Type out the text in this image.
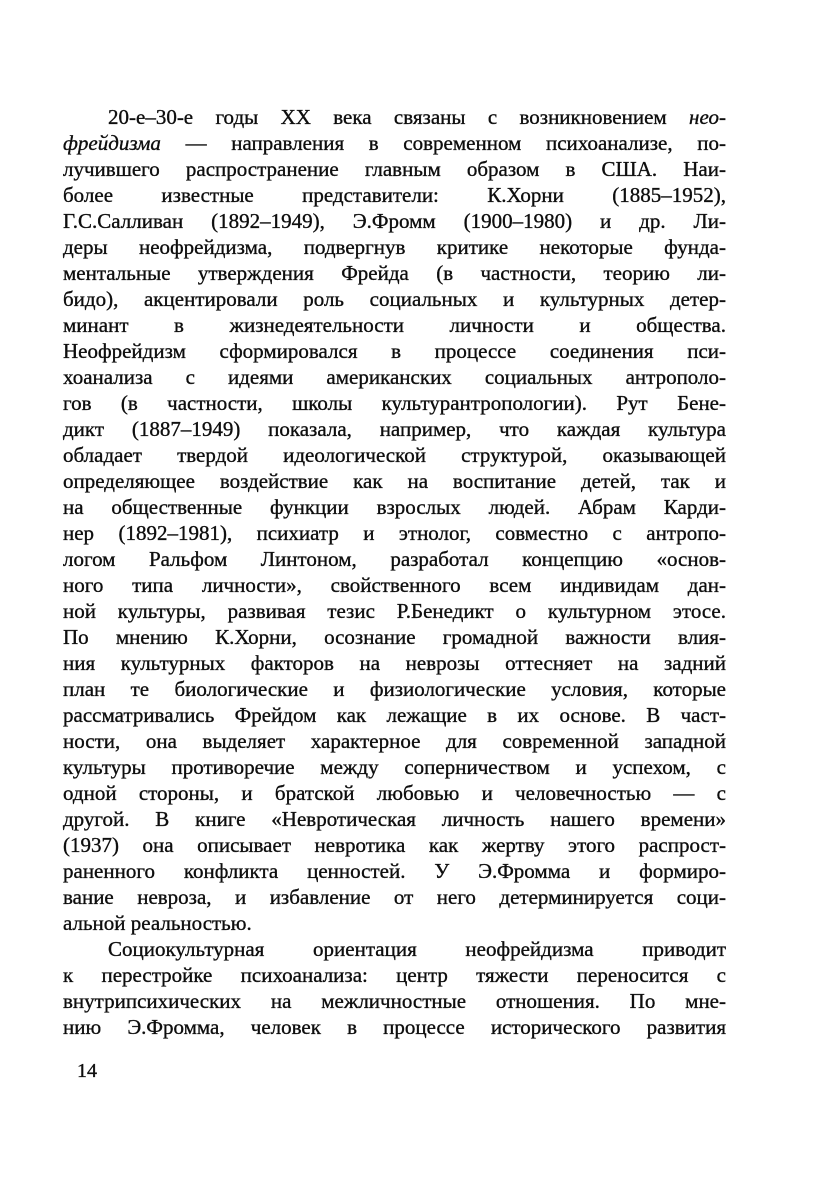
20-е–30-е годы XX века связаны с возникновением нео-
фрейдизма — направления в современном психоанализе, по-
лучившего распространение главным образом в США. Наи-
более известные представители: К.Хорни (1885–1952),
Г.С.Салливан (1892–1949), Э.Фромм (1900–1980) и др. Ли-
деры неофрейдизма, подвергнув критике некоторые фунда-
ментальные утверждения Фрейда (в частности, теорию ли-
бидо), акцентировали роль социальных и культурных детер-
минант в жизнедеятельности личности и общества.
Неофрейдизм сформировался в процессе соединения пси-
хоанализа с идеями американских социальных антрополо-
гов (в частности, школы культурантропологии). Рут Бене-
дикт (1887–1949) показала, например, что каждая культура
обладает твердой идеологической структурой, оказывающей
определяющее воздействие как на воспитание детей, так и
на общественные функции взрослых людей. Абрам Карди-
нер (1892–1981), психиатр и этнолог, совместно с антропо-
логом Ральфом Линтоном, разработал концепцию «основ-
ного типа личности», свойственного всем индивидам дан-
ной культуры, развивая тезис Р.Бенедикт о культурном этосе.
По мнению К.Хорни, осознание громадной важности влия-
ния культурных факторов на неврозы оттесняет на задний
план те биологические и физиологические условия, которые
рассматривались Фрейдом как лежащие в их основе. В част-
ности, она выделяет характерное для современной западной
культуры противоречие между соперничеством и успехом, с
одной стороны, и братской любовью и человечностью — с
другой. В книге «Невротическая личность нашего времени»
(1937) она описывает невротика как жертву этого распрост-
раненного конфликта ценностей. У Э.Фромма и формиро-
вание невроза, и избавление от него детерминируется соци-
альной реальностью.
Социокультурная ориентация неофрейдизма приводит
к перестройке психоанализа: центр тяжести переносится с
внутрипсихических на межличностные отношения. По мне-
нию Э.Фромма, человек в процессе исторического развития
14
